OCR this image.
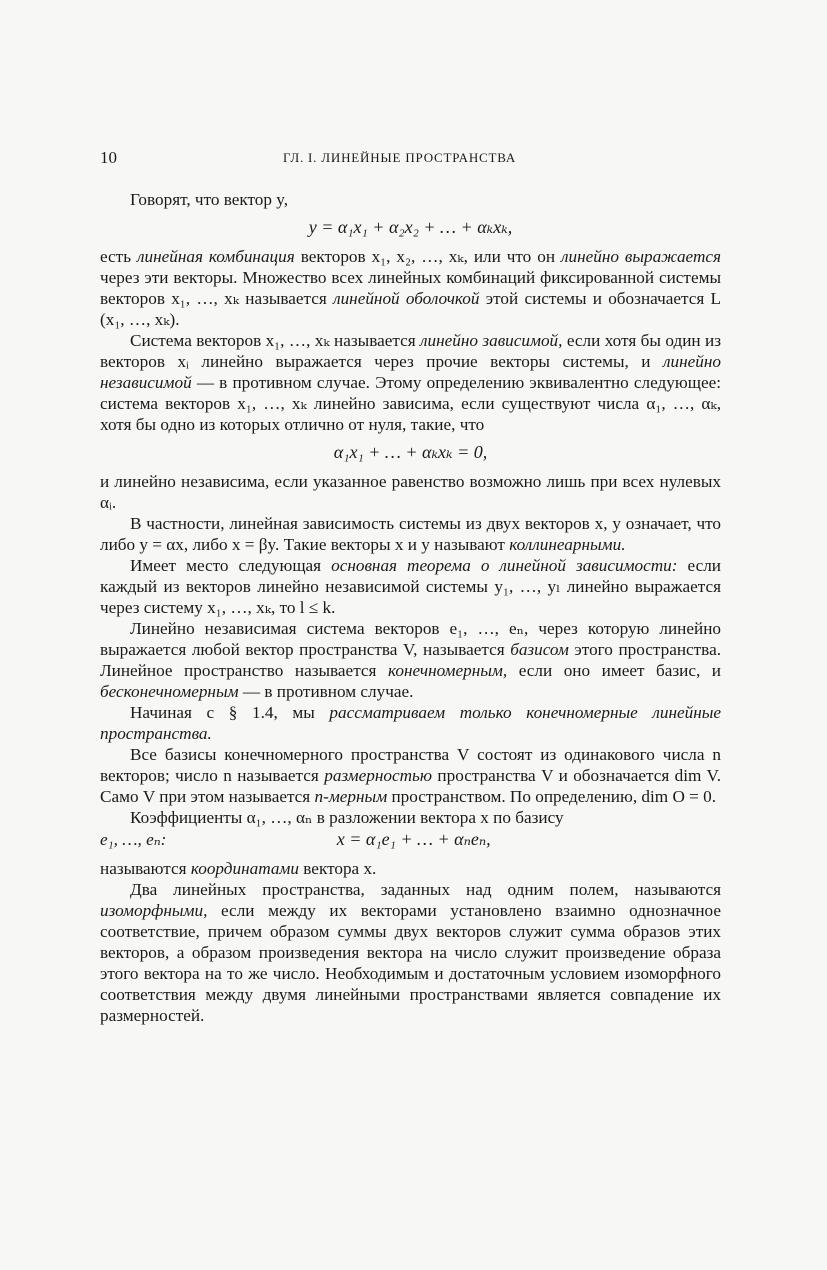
10	ГЛ. I. ЛИНЕЙНЫЕ ПРОСТРАНСТВА

Говорят, что вектор y,

y = α₁x₁ + α₂x₂ + … + αₖxₖ,

есть линейная комбинация векторов x₁, x₂, …, xₖ, или что он линейно выражается через эти векторы. Множество всех линейных комбинаций фиксированной системы векторов x₁, …, xₖ называется линейной оболочкой этой системы и обозначается L (x₁, …, xₖ).

Система векторов x₁, …, xₖ называется линейно зависимой, если хотя бы один из векторов xᵢ линейно выражается через прочие векторы системы, и линейно независимой — в противном случае. Этому определению эквивалентно следующее: система векторов x₁, …, xₖ линейно зависима, если существуют числа α₁, …, αₖ, хотя бы одно из которых отлично от нуля, такие, что

α₁x₁ + … + αₖxₖ = 0,

и линейно независима, если указанное равенство возможно лишь при всех нулевых αᵢ.

В частности, линейная зависимость системы из двух векторов x, y означает, что либо y = αx, либо x = βy. Такие векторы x и y называют коллинеарными.

Имеет место следующая основная теорема о линейной зависимости: если каждый из векторов линейно независимой системы y₁, …, yₗ линейно выражается через систему x₁, …, xₖ, то l ≤ k.

Линейно независимая система векторов e₁, …, eₙ, через которую линейно выражается любой вектор пространства V, называется базисом этого пространства. Линейное пространство называется конечномерным, если оно имеет базис, и бесконечномерным — в противном случае.

Начиная с § 1.4, мы рассматриваем только конечномерные линейные пространства.

Все базисы конечномерного пространства V состоят из одинакового числа n векторов; число n называется размерностью пространства V и обозначается dim V. Само V при этом называется n-мерным пространством. По определению, dim O = 0.

Коэффициенты α₁, …, αₙ в разложении вектора x по базису

e₁, …, eₙ:	x = α₁e₁ + … + αₙeₙ,

называются координатами вектора x.

Два линейных пространства, заданных над одним полем, называются изоморфными, если между их векторами установлено взаимно однозначное соответствие, причем образом суммы двух векторов служит сумма образов этих векторов, а образом произведения вектора на число служит произведение образа этого вектора на то же число. Необходимым и достаточным условием изоморфного соответствия между двумя линейными пространствами является совпадение их размерностей.
